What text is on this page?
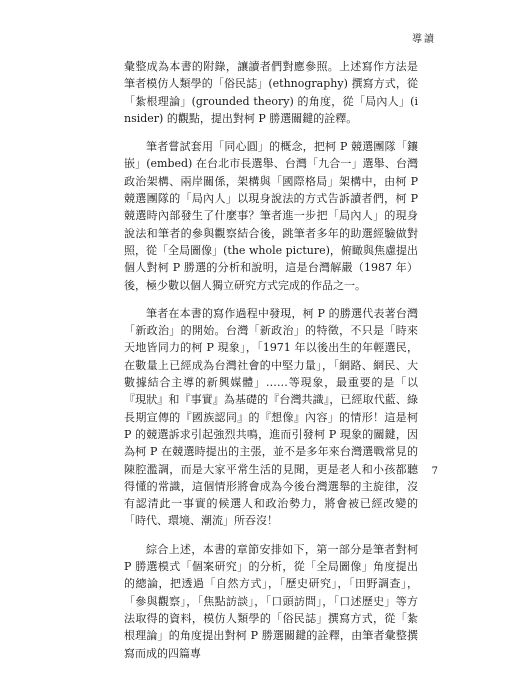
導讀

彙整成為本書的附錄，讓讀者們對應參照。上述寫作方法是筆者模仿人類學的「俗民誌」(ethnography) 撰寫方式，從「紮根理論」(grounded theory) 的角度，從「局內人」(insider) 的觀點，提出對柯 P 勝選關鍵的詮釋。

筆者嘗試套用「同心圓」的概念，把柯 P 競選團隊「鑲嵌」(embed) 在台北市長選舉、台灣「九合一」選舉、台灣政治架構、兩岸關係，架構與「國際格局」架構中，由柯 P 競選團隊的「局內人」以現身說法的方式告訴讀者們，柯 P 競選時內部發生了什麼事？筆者進一步把「局內人」的現身說法和筆者的參與觀察結合後，跳筆者多年的助選經驗做對照，從「全局圖像」(the whole picture)，俯瞰與焦慮提出個人對柯 P 勝選的分析和說明，這是台灣解嚴（1987 年）後，極少數以個人獨立研究方式完成的作品之一。

筆者在本書的寫作過程中發現，柯 P 的勝選代表著台灣「新政治」的開始。台灣「新政治」的特徵，不只是「時來天地皆同力的柯 P 現象」，「1971 年以後出生的年輕選民，在數量上已經成為台灣社會的中堅力量」，「網路、網民、大數據結合主導的新興媒體」……等現象，最重要的是「以『現狀』和『事實』為基礎的『台灣共識』，已經取代藍、綠長期宣傳的『國族認同』的『想像』內容」的情形！這是柯 P 的競選訴求引起強烈共鳴，進而引發柯 P 現象的關鍵，因為柯 P 在競選時提出的主張，並不是多年來台灣選戰常見的陳腔濫調，而是大家平常生活的見聞，更是老人和小孩都聽得懂的常識，這個情形將會成為今後台灣選舉的主旋律，沒有認清此一事實的候選人和政治勢力，將會被已經改變的「時代、環境、潮流」所吞沒！

綜合上述，本書的章節安排如下，第一部分是筆者對柯 P 勝選模式「個案研究」的分析，從「全局圖像」角度提出的總論，把透過「自然方式」，「歷史研究」，「田野調查」，「參與觀察」，「焦點訪談」，「口頭訪問」，「口述歷史」等方法取得的資料，模仿人類學的「俗民誌」撰寫方式，從「紮根理論」的角度提出對柯 P 勝選關鍵的詮釋，由筆者彙整撰寫而成的四篇專

7
